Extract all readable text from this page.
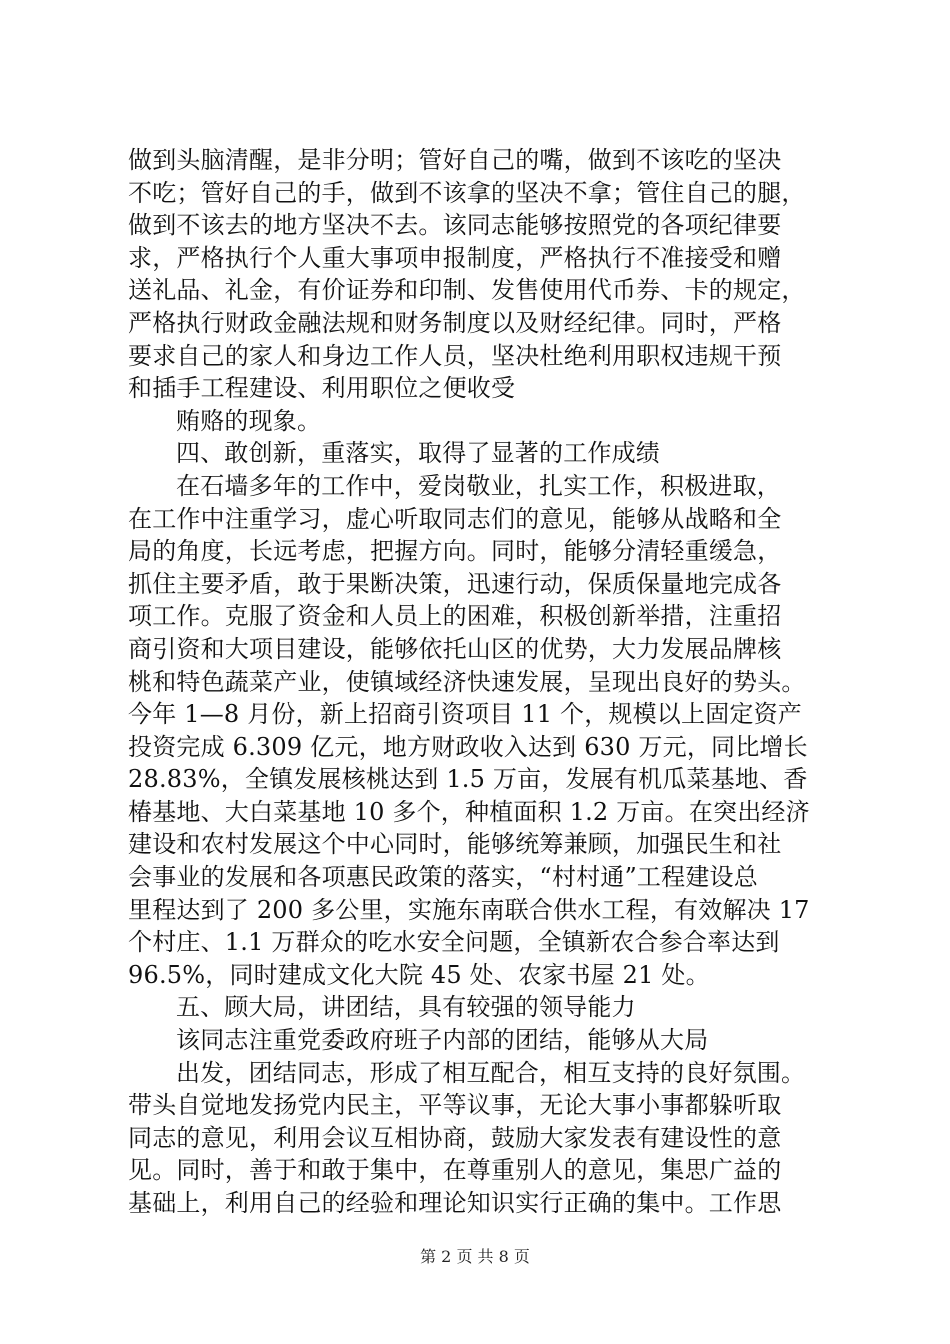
做到头脑清醒，是非分明；管好自己的嘴，做到不该吃的坚决
不吃；管好自己的手，做到不该拿的坚决不拿；管住自己的腿，
做到不该去的地方坚决不去。该同志能够按照党的各项纪律要
求，严格执行个人重大事项申报制度，严格执行不准接受和赠
送礼品、礼金，有价证券和印制、发售使用代币券、卡的规定，
严格执行财政金融法规和财务制度以及财经纪律。同时，严格
要求自己的家人和身边工作人员，坚决杜绝利用职权违规干预
和插手工程建设、利用职位之便收受
贿赂的现象。
四、敢创新，重落实，取得了显著的工作成绩
在石墙多年的工作中，爱岗敬业，扎实工作，积极进取，
在工作中注重学习，虚心听取同志们的意见，能够从战略和全
局的角度，长远考虑，把握方向。同时，能够分清轻重缓急，
抓住主要矛盾，敢于果断决策，迅速行动，保质保量地完成各
项工作。克服了资金和人员上的困难，积极创新举措，注重招
商引资和大项目建设，能够依托山区的优势，大力发展品牌核
桃和特色蔬菜产业，使镇域经济快速发展，呈现出良好的势头。
今年 1—8 月份，新上招商引资项目 11 个，规模以上固定资产
投资完成 6.309 亿元，地方财政收入达到 630 万元，同比增长
28.83%，全镇发展核桃达到 1.5 万亩，发展有机瓜菜基地、香
椿基地、大白菜基地 10 多个，种植面积 1.2 万亩。在突出经济
建设和农村发展这个中心同时，能够统筹兼顾，加强民生和社
会事业的发展和各项惠民政策的落实，“村村通”工程建设总
里程达到了 200 多公里，实施东南联合供水工程，有效解决 17
个村庄、1.1 万群众的吃水安全问题，全镇新农合参合率达到
96.5%，同时建成文化大院 45 处、农家书屋 21 处。
五、顾大局，讲团结，具有较强的领导能力
该同志注重党委政府班子内部的团结，能够从大局
出发，团结同志，形成了相互配合，相互支持的良好氛围。
带头自觉地发扬党内民主，平等议事，无论大事小事都躲听取
同志的意见，利用会议互相协商，鼓励大家发表有建设性的意
见。同时，善于和敢于集中，在尊重别人的意见，集思广益的
基础上，利用自己的经验和理论知识实行正确的集中。工作思
第 2 页 共 8 页
